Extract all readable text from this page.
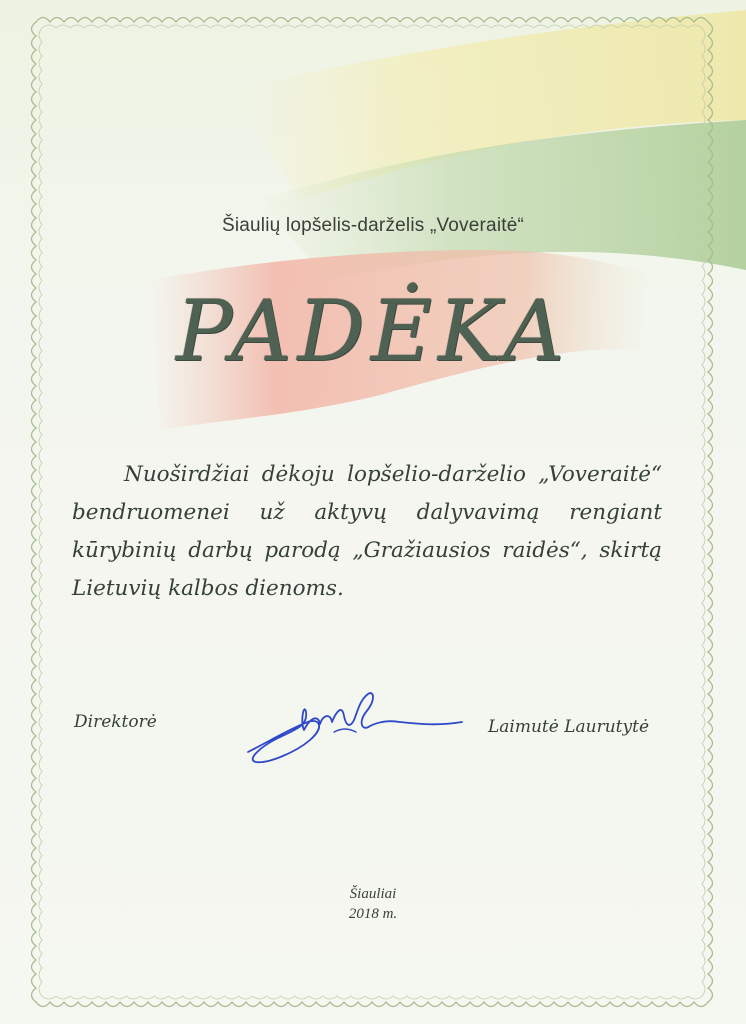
Šiaulių lopšelis-darželis „Voveraitė“
PADĖKA
Nuoširdžiai dėkoju lopšelio-darželio „Voveraitė“ bendruomenei už aktyvų dalyvavimą rengiant kūrybinių darbų parodą „Gražiausios raidės“, skirtą Lietuvių kalbos dienoms.
Direktorė	Laimutė Laurutytė
Šiauliai
2018 m.
